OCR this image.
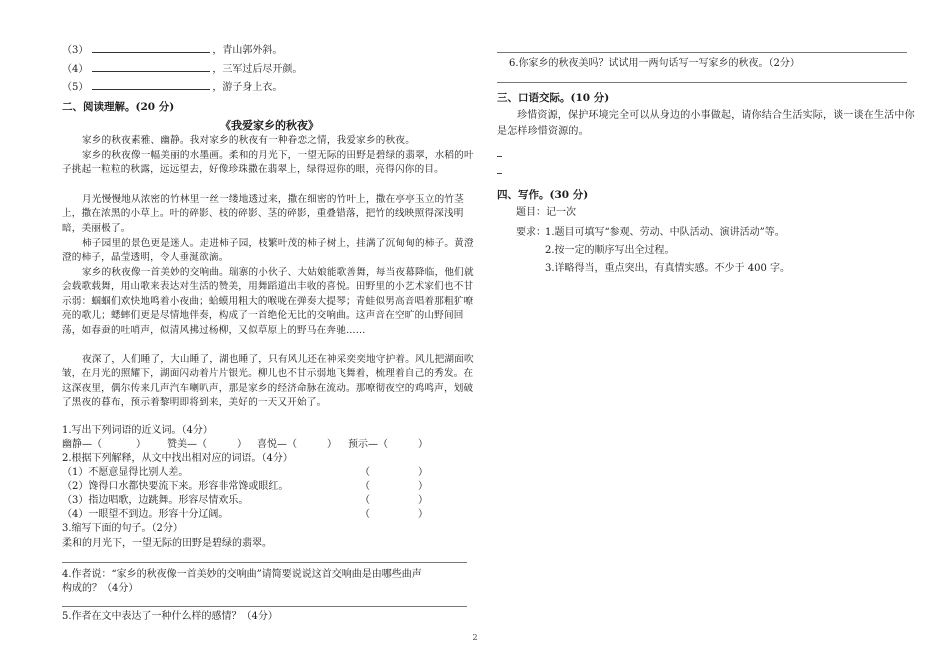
（3）	，青山郭外斜。
（4）	，三军过后尽开颜。
（5）	，游子身上衣。
二、阅读理解。(20 分)
《我爱家乡的秋夜》
家乡的秋夜素雅、幽静。我对家乡的秋夜有一种眷恋之情，我爱家乡的秋夜。
家乡的秋夜像一幅美丽的水墨画。柔和的月光下，一望无际的田野是碧绿的翡翠，水稻的叶子挑起一粒粒的秋露，远远望去，好像珍珠撒在翡翠上，绿得逗你的眼，亮得闪你的目。
月光慢慢地从浓密的竹林里一丝一缕地透过来，撒在细密的竹叶上，撒在亭亭玉立的竹茎上，撒在浓黑的小草上。叶的碎影、枝的碎影、茎的碎影，重叠错落，把竹的线映照得深浅明暗，美丽极了。
柿子园里的景色更是迷人。走进柿子园，枝繁叶茂的柿子树上，挂满了沉甸甸的柿子。黄澄澄的柿子，晶莹透明，令人垂涎欲滴。
家乡的秋夜像一首美妙的交响曲。瑞寨的小伙子、大姑娘能歌善舞，每当夜幕降临，他们就会载歌载舞，用山歌来表达对生活的赞美，用舞蹈道出丰收的喜悦。田野里的小艺术家们也不甘示弱：蝈蝈们欢快地鸣着小夜曲；蛤蟆用粗大的喉咙在弹奏大提琴；青蛙似男高音唱着那粗犷嘹亮的歌儿；蟋蟀们更是尽情地伴奏，构成了一首绝伦无比的交响曲。这声音在空旷的山野间回荡，如春蚕的吐哨声，似清风拂过杨柳，又似草原上的野马在奔驰……
夜深了，人们睡了，大山睡了，湖也睡了，只有风儿还在神采奕奕地守护着。风儿把湖面吹皱，在月光的照耀下，湖面闪动着片片银光。柳儿也不甘示弱地飞舞着，梳理着自己的秀发。在这深夜里，偶尔传来几声汽车喇叭声，那是家乡的经济命脉在流动。那嘹彻夜空的鸡鸣声，划破了黑夜的暮布，预示着黎明即将到来，美好的一天又开始了。
1.写出下列词语的近义词。（4分）
幽静—（	） 赞美—（	） 喜悦—（	） 预示—（	）
2.根据下列解释，从文中找出相对应的词语。（4分）
（1）不愿意显得比别人差。	（	）
（2）馋得口水都快要流下来。形容非常馋或眼红。	（	）
（3）指边唱歌，边跳舞。形容尽情欢乐。	（	）
（4）一眼望不到边。形容十分辽阔。	（	）
3.缩写下面的句子。（2分）
柔和的月光下，一望无际的田野是碧绿的翡翠。
4.作者说：“家乡的秋夜像一首美妙的交响曲”请简要说说这首交响曲是由哪些曲声
构成的？（4分）
5.作者在文中表达了一种什么样的感情？（4分）
6.你家乡的秋夜美吗？试试用一两句话写一写家乡的秋夜。（2分）
三、口语交际。(10 分)
珍惜资源，保护环境完全可以从身边的小事做起，请你结合生活实际，谈一谈在生活中你是怎样珍惜资源的。
四、写作。(30 分)
题目：记一次
要求： 1.题目可填写“参观、劳动、中队活动、演讲活动”等。
2.按一定的顺序写出全过程。
3.详略得当，重点突出，有真情实感。不少于 400 字。
2
